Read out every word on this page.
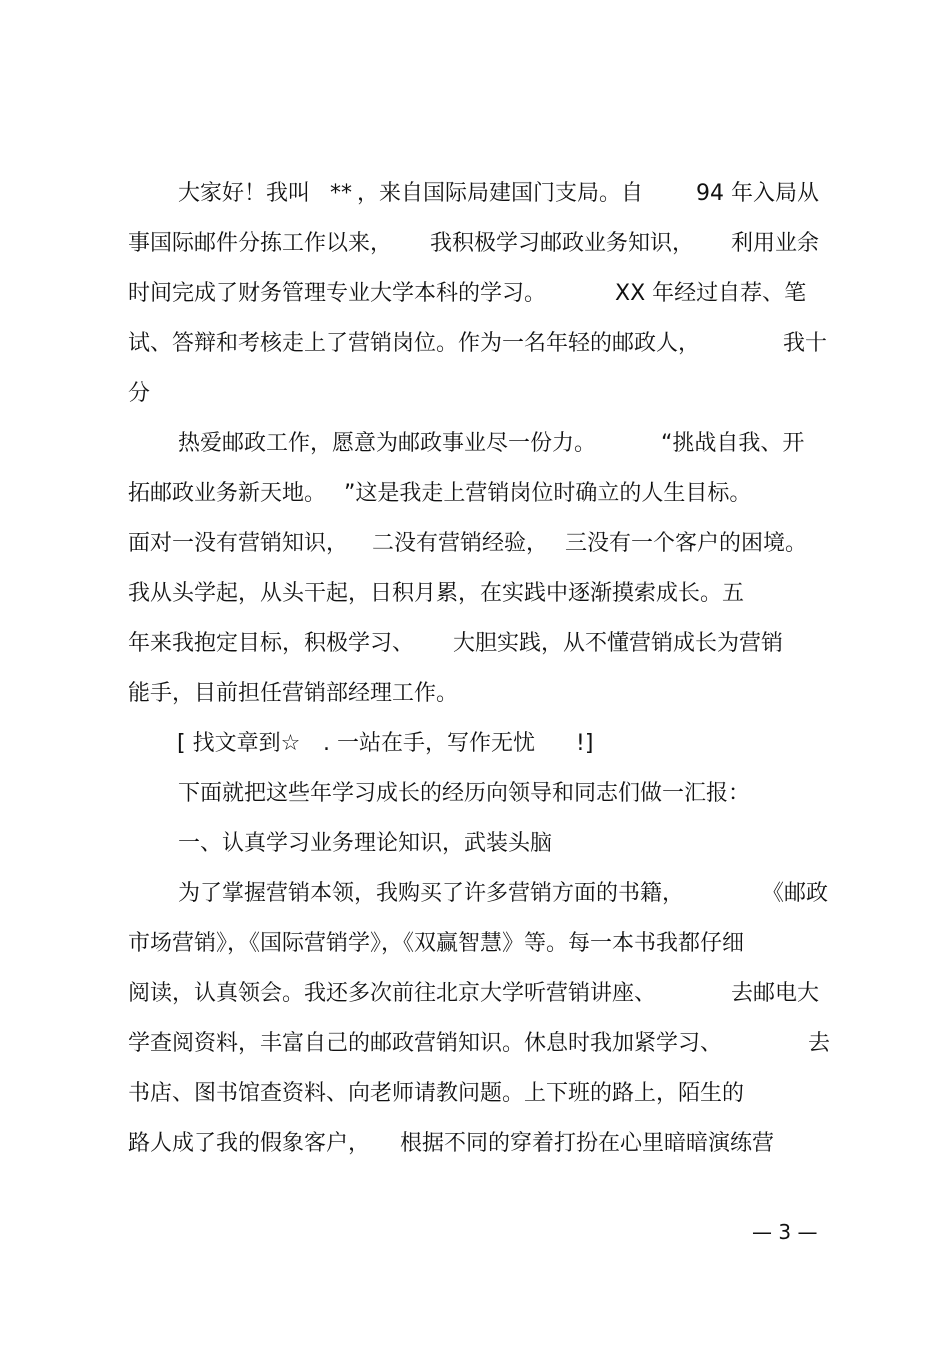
大家好！我叫 ** ，来自国际局建国门支局。自 94 年入局从
事国际邮件分拣工作以来， 我积极学习邮政业务知识， 利用业余
时间完成了财务管理专业大学本科的学习。	XX 年经过自荐、笔
试、答辩和考核走上了营销岗位。作为一名年轻的邮政人，	我十
分
热爱邮政工作，愿意为邮政事业尽一份力。	“挑战自我、开
拓邮政业务新天地。 ”这是我走上营销岗位时确立的人生目标。
面对一没有营销知识， 二没有营销经验， 三没有一个客户的困境。
我从头学起，从头干起，日积月累，在实践中逐渐摸索成长。五
年来我抱定目标，积极学习、 大胆实践，从不懂营销成长为营销
能手，目前担任营销部经理工作。
[ 找文章到☆ . 一站在手，写作无忧 !]
下面就把这些年学习成长的经历向领导和同志们做一汇报：
一、认真学习业务理论知识，武装头脑
为了掌握营销本领，我购买了许多营销方面的书籍，	《邮政
市场营销》，《国际营销学》，《双赢智慧》等。每一本书我都仔细
阅读，认真领会。我还多次前往北京大学听营销讲座、	去邮电大
学查阅资料，丰富自己的邮政营销知识。休息时我加紧学习、	去
书店、图书馆查资料、向老师请教问题。上下班的路上，陌生的
路人成了我的假象客户， 根据不同的穿着打扮在心里暗暗演练营
— 3 —
